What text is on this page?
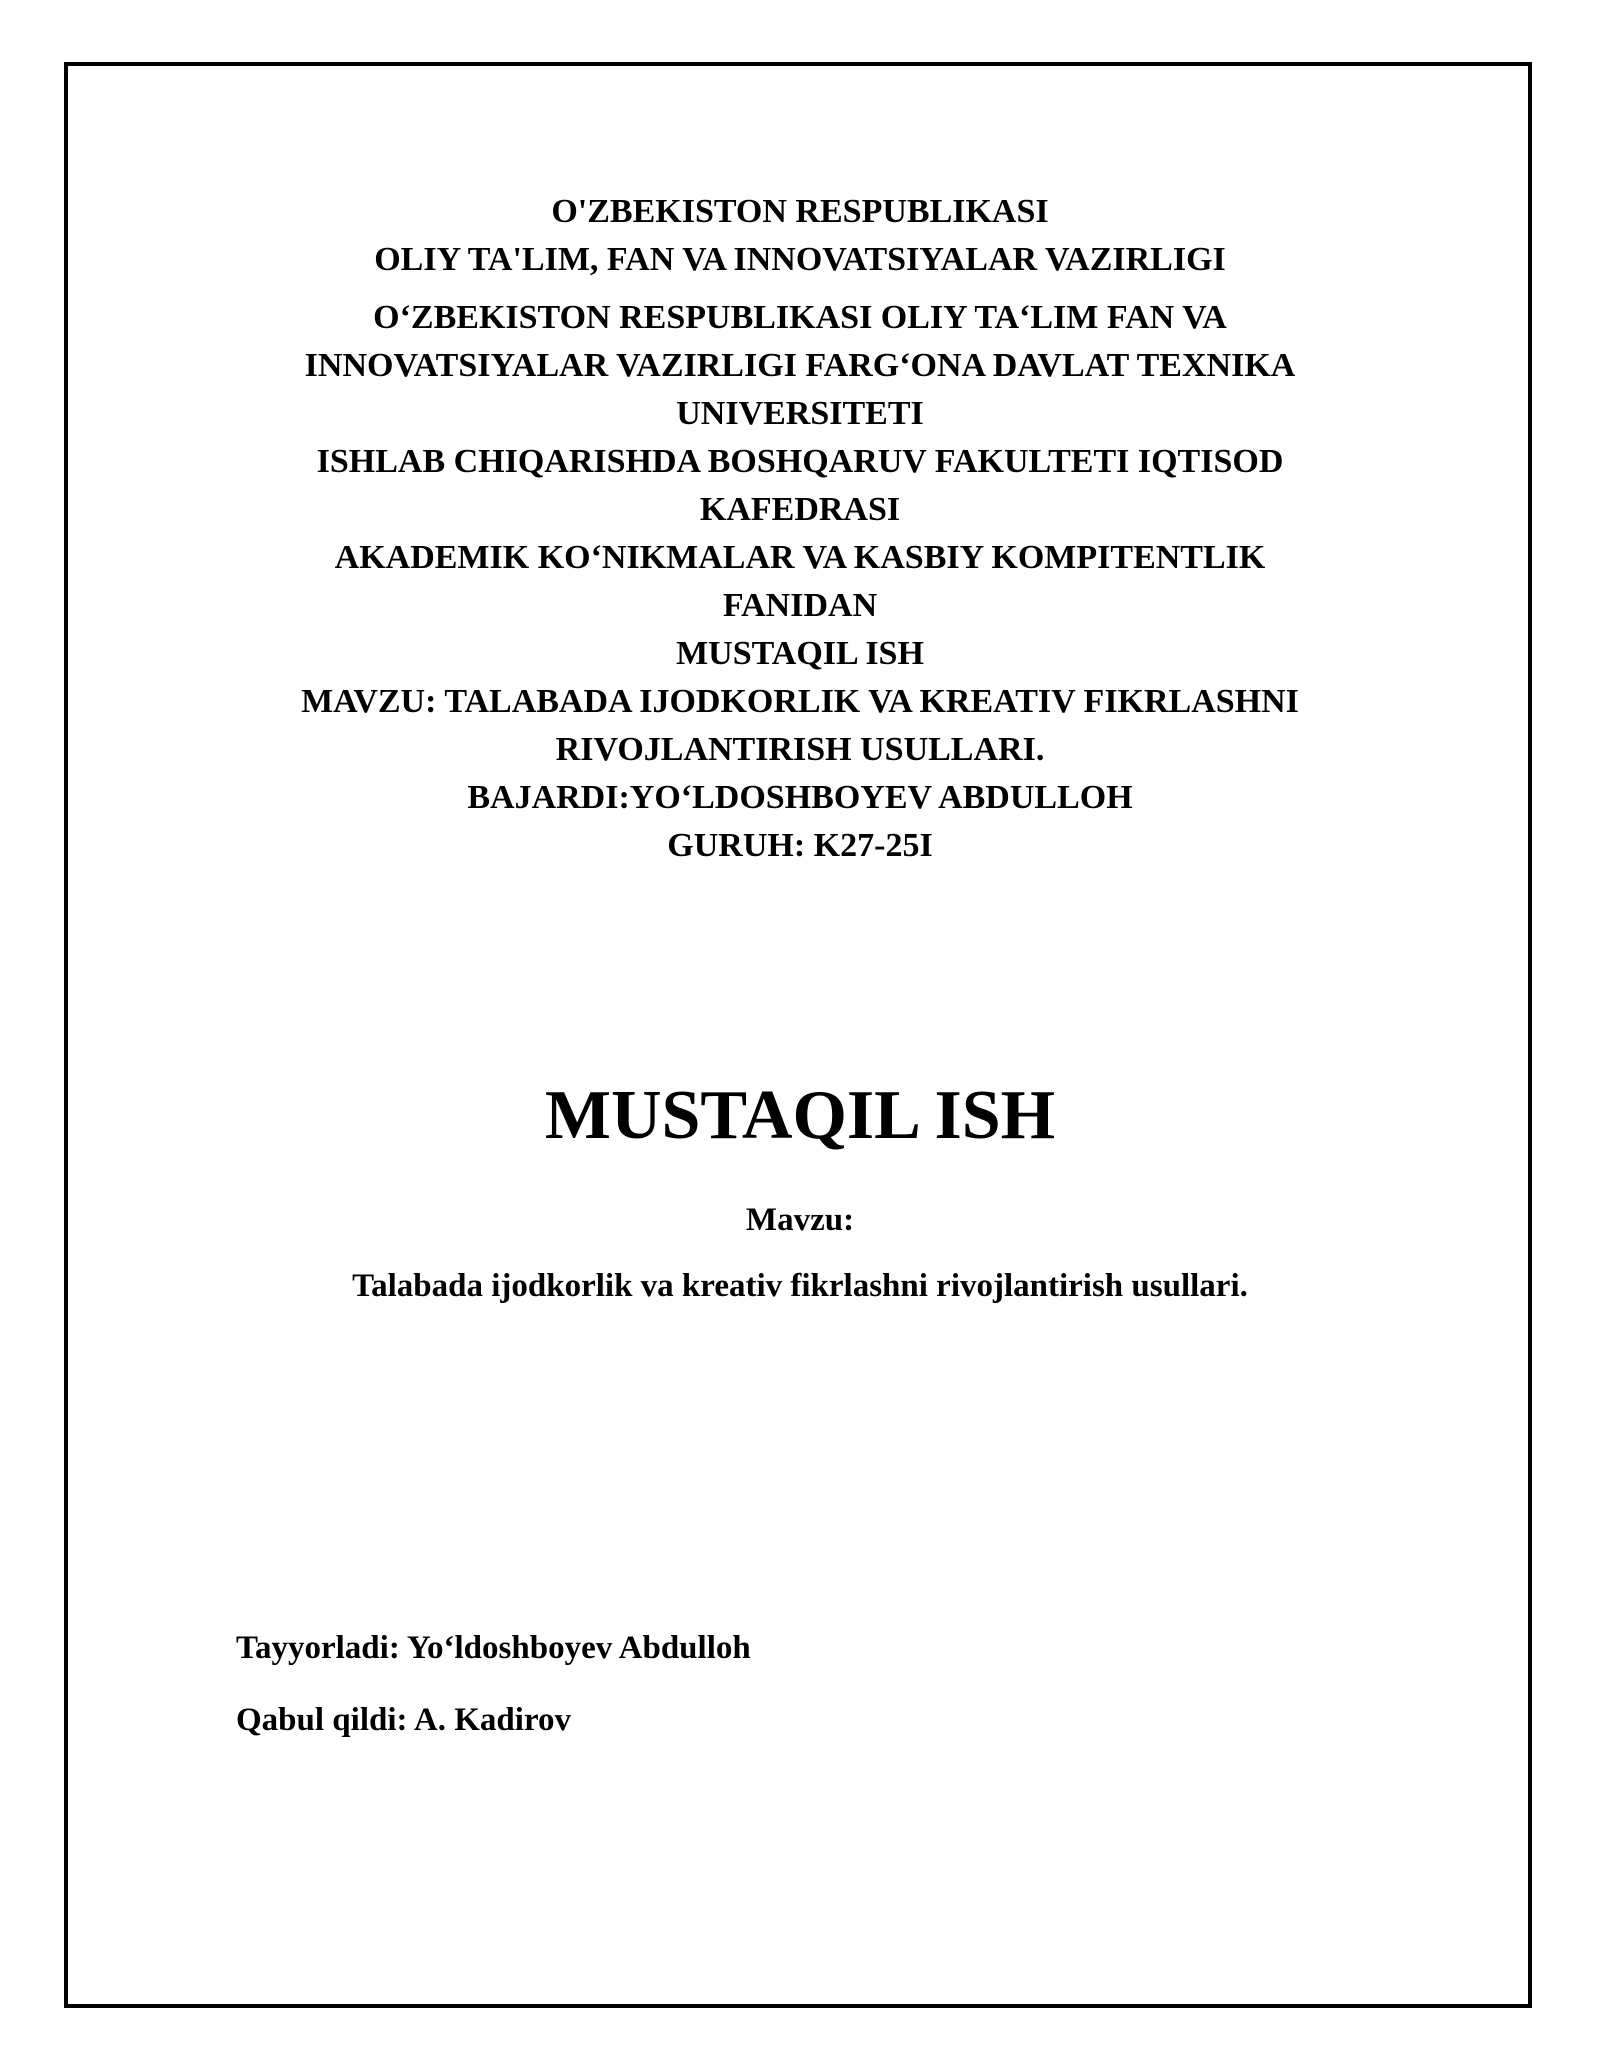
O'ZBEKISTON RESPUBLIKASI
OLIY TA'LIM, FAN VA INNOVATSIYALAR VAZIRLIGI
O‘ZBEKISTON RESPUBLIKASI OLIY TA‘LIM FAN VA
INNOVATSIYALAR VAZIRLIGI FARG‘ONA DAVLAT TEXNIKA
UNIVERSITETI
ISHLAB CHIQARISHDA BOSHQARUV FAKULTETI IQTISOD
KAFEDRASI
AKADEMIK KO‘NIKMALAR VA KASBIY KOMPITENTLIK
FANIDAN
MUSTAQIL ISH
MAVZU: TALABADA IJODKORLIK VA KREATIV FIKRLASHNI
RIVOJLANTIRISH USULLARI.
BAJARDI:YO‘LDOSHBOYEV ABDULLOH
GURUH: K27-25I
MUSTAQIL ISH
Mavzu:
Talabada ijodkorlik va kreativ fikrlashni rivojlantirish usullari.
Tayyorladi: Yo‘ldoshboyev Abdulloh
Qabul qildi: A. Kadirov
